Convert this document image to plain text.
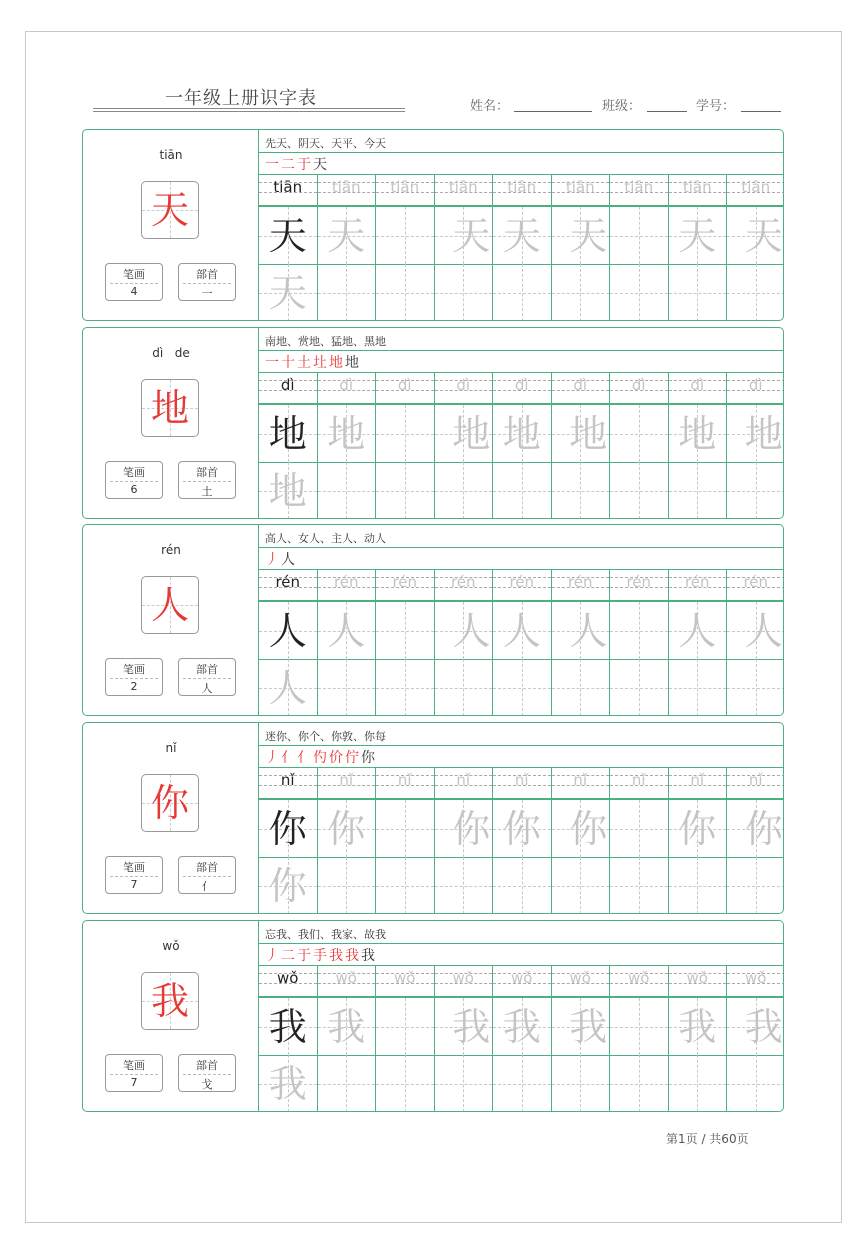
一年级上册识字表	姓名：	班级：	学号：
tiān
天
笔画
4
部首
一
先天、阴天、天平、今天
一二于天
tiān	tiān	tiān	tiān	tiān	tiān	tiān	tiān	tiān
天 天 天 天 天 天 天
天
dì de
地
笔画
6
部首
土
南地、赏地、猛地、黑地
一十土圵地地
dì	dì	dì	dì	dì	dì	dì	dì	dì
地 地 地 地 地 地 地
地
rén
人
笔画
2
部首
人
高人、女人、主人、动人
丿人
rén	rén	rén	rén	rén	rén	rén	rén	rén
人 人 人 人 人 人 人
人
nǐ
你
笔画
7
部首
亻
迷你、你个、你敦、你每
丿亻亻仢价佇你
nǐ	nǐ	nǐ	nǐ	nǐ	nǐ	nǐ	nǐ	nǐ
你 你 你 你 你 你 你
你
wǒ
我
笔画
7
部首
戈
忘我、我们、我家、故我
丿二于手我我我
wǒ	wǒ	wǒ	wǒ	wǒ	wǒ	wǒ	wǒ	wǒ
我 我 我 我 我 我 我
我
第1页 / 共60页
